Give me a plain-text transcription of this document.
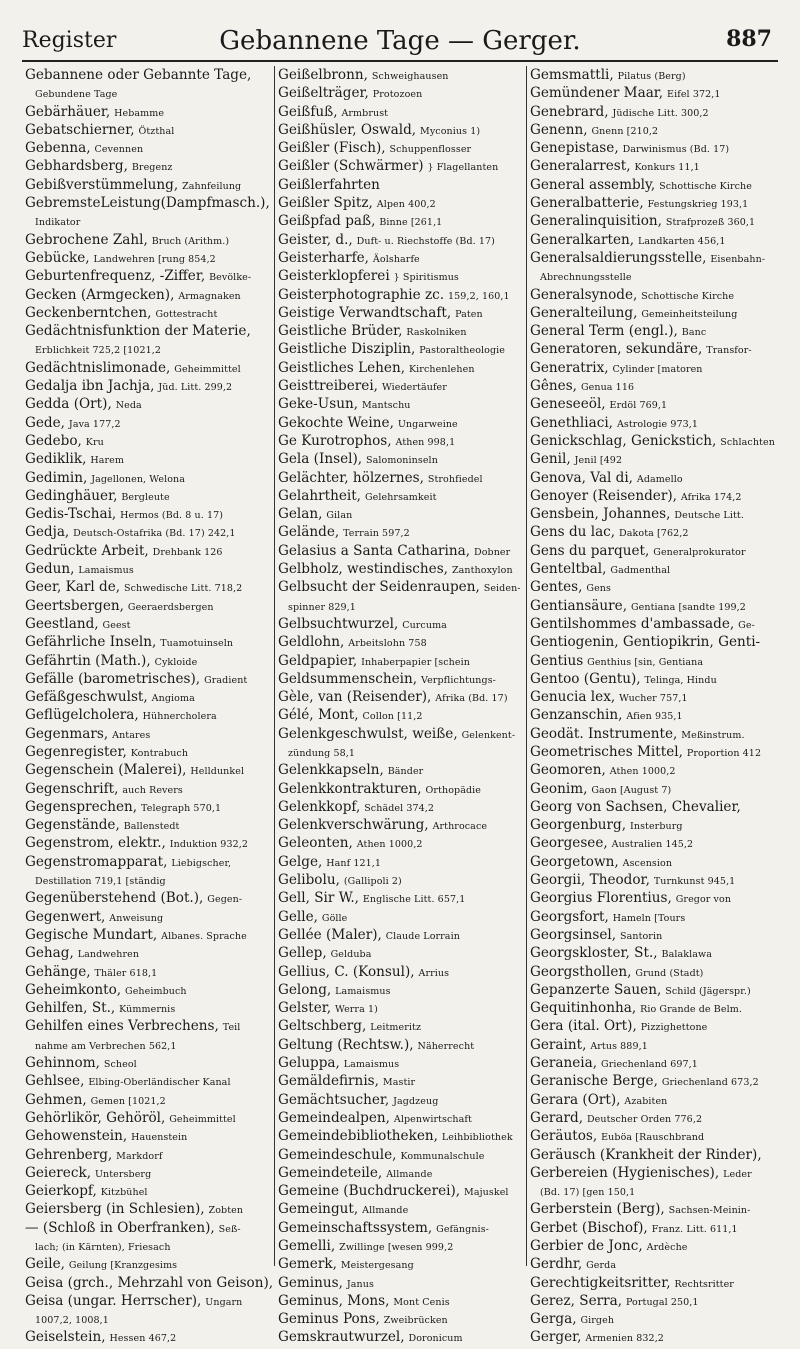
Register	Gebannene Tage — Gerger.	887
Gebannene oder Gebannte Tage,
Gebundene Tage
Gebärhäuer, Hebamme
Gebatschierner, Ötzthal
Gebenna, Cevennen
Gebhardsberg, Bregenz
Gebißverstümmelung, Zahnfeilung
GebremsteLeistung(Dampfmasch.),
Indikator
Gebrochene Zahl, Bruch (Arithm.)
Gebücke, Landwehren [rung 854,2
Geburtenfrequenz, -Ziffer, Bevölke-
Gecken (Armgecken), Armagnaken
Geckenberntchen, Gottestracht
Gedächtnisfunktion der Materie,
Erblichkeit 725,2 [1021,2
Gedächtnislimonade, Geheimmittel
Gedalja ibn Jachja, Jüd. Litt. 299,2
Gedda (Ort), Neda
Gede, Java 177,2
Gedebo, Kru
Gediklik, Harem
Gedimin, Jagellonen, Welona
Gedinghäuer, Bergleute
Gedis-Tschai, Hermos (Bd. 8 u. 17)
Gedja, Deutsch-Ostafrika (Bd. 17) 242,1
Gedrückte Arbeit, Drehbank 126
Gedun, Lamaismus
Geer, Karl de, Schwedische Litt. 718,2
Geertsbergen, Geeraerdsbergen
Geestland, Geest
Gefährliche Inseln, Tuamotuinseln
Gefährtin (Math.), Cykloide
Gefälle (barometrisches), Gradient
Gefäßgeschwulst, Angioma
Geflügelcholera, Hühnercholera
Gegenmars, Antares
Gegenregister, Kontrabuch
Gegenschein (Malerei), Helldunkel
Gegenschrift, auch Revers
Gegensprechen, Telegraph 570,1
Gegenstände, Ballenstedt
Gegenstrom, elektr., Induktion 932,2
Gegenstromapparat, Liebigscher,
Destillation 719,1 [ständig
Gegenüberstehend (Bot.), Gegen-
Gegenwert, Anweisung
Gegische Mundart, Albanes. Sprache
Gehag, Landwehren
Gehänge, Thäler 618,1
Geheimkonto, Geheimbuch
Gehilfen, St., Kümmernis
Gehilfen eines Verbrechens, Teil
nahme am Verbrechen 562,1
Gehinnom, Scheol
Gehlsee, Elbing-Oberländischer Kanal
Gehmen, Gemen [1021,2
Gehörlikör, Gehöröl, Geheimmittel
Gehowenstein, Hauenstein
Gehrenberg, Markdorf
Geiereck, Untersberg
Geierkopf, Kitzbühel
Geiersberg (in Schlesien), Zobten
— (Schloß in Oberfranken), Seß-
lach; (in Kärnten), Friesach
Geile, Geilung [Kranzgesims
Geisa (grch., Mehrzahl von Geison),
Geisa (ungar. Herrscher), Ungarn
1007,2, 1008,1
Geiselstein, Hessen 467,2
Geißelbronn, Schweighausen
Geißelträger, Protozoen
Geißfuß, Armbrust
Geißhüsler, Oswald, Myconius 1)
Geißler (Fisch), Schuppenflosser
Geißler (Schwärmer) } Flagellanten
Geißlerfahrten
Geißler Spitz, Alpen 400,2
Geißpfad paß, Binne [261,1
Geister, d., Duft- u. Riechstoffe (Bd. 17)
Geisterharfe, Äolsharfe
Geisterklopferei } Spiritismus
Geisterphotographie zc. 159,2, 160,1
Geistige Verwandtschaft, Paten
Geistliche Brüder, Raskolniken
Geistliche Disziplin, Pastoraltheologie
Geistliches Lehen, Kirchenlehen
Geisttreiberei, Wiedertäufer
Geke-Usun, Mantschu
Gekochte Weine, Ungarweine
Ge Kurotrophos, Athen 998,1
Gela (Insel), Salomoninseln
Gelächter, hölzernes, Strohfiedel
Gelahrtheit, Gelehrsamkeit
Gelan, Gilan
Gelände, Terrain 597,2
Gelasius a Santa Catharina, Dobner
Gelbholz, westindisches, Zanthoxylon
Gelbsucht der Seidenraupen, Seiden-
spinner 829,1
Gelbsuchtwurzel, Curcuma
Geldlohn, Arbeitslohn 758
Geldpapier, Inhaberpapier [schein
Geldsummenschein, Verpflichtungs-
Gèle, van (Reisender), Afrika (Bd. 17)
Gélé, Mont, Collon [11,2
Gelenkgeschwulst, weiße, Gelenkent-
zündung 58,1
Gelenkkapseln, Bänder
Gelenkkontrakturen, Orthopädie
Gelenkkopf, Schädel 374,2
Gelenkverschwärung, Arthrocace
Geleonten, Athen 1000,2
Gelge, Hanf 121,1
Gelibolu, (Gallipoli 2)
Gell, Sir W., Englische Litt. 657,1
Gelle, Gölle
Gellée (Maler), Claude Lorrain
Gellep, Gelduba
Gellius, C. (Konsul), Arrius
Gelong, Lamaismus
Gelster, Werra 1)
Geltschberg, Leitmeritz
Geltung (Rechtsw.), Näherrecht
Geluppa, Lamaismus
Gemäldefirnis, Mastir
Gemächtsucher, Jagdzeug
Gemeindealpen, Alpenwirtschaft
Gemeindebibliotheken, Leihbibliothek
Gemeindeschule, Kommunalschule
Gemeindeteile, Allmande
Gemeine (Buchdruckerei), Majuskel
Gemeingut, Allmande
Gemeinschaftssystem, Gefängnis-
Gemelli, Zwillinge [wesen 999,2
Gemerk, Meistergesang
Geminus, Janus
Geminus, Mons, Mont Cenis
Geminus Pons, Zweibrücken
Gemskrautwurzel, Doronicum
Gemsmattli, Pilatus (Berg)
Gemündener Maar, Eifel 372,1
Genebrard, Jüdische Litt. 300,2
Genenn, Gnenn [210,2
Genepistase, Darwinismus (Bd. 17)
Generalarrest, Konkurs 11,1
General assembly, Schottische Kirche
Generalbatterie, Festungskrieg 193,1
Generalinquisition, Strafprozeß 360,1
Generalkarten, Landkarten 456,1
Generalsaldierungsstelle, Eisenbahn-
Abrechnungsstelle
Generalsynode, Schottische Kirche
Generalteilung, Gemeinheitsteilung
General Term (engl.), Banc
Generatoren, sekundäre, Transfor-
Generatrix, Cylinder [matoren
Gênes, Genua 116
Geneseeöl, Erdöl 769,1
Genethliaci, Astrologie 973,1
Genickschlag, Genickstich, Schlachten
Genil, Jenil [492
Genova, Val di, Adamello
Genoyer (Reisender), Afrika 174,2
Gensbein, Johannes, Deutsche Litt.
Gens du lac, Dakota [762,2
Gens du parquet, Generalprokurator
Genteltbal, Gadmenthal
Gentes, Gens
Gentiansäure, Gentiana [sandte 199,2
Gentilshommes d'ambassade, Ge-
Gentiogenin, Gentiopikrin, Genti-
Gentius Genthius [sin, Gentiana
Gentoo (Gentu), Telinga, Hindu
Genucia lex, Wucher 757,1
Genzanschin, Afien 935,1
Geodät. Instrumente, Meßinstrum.
Geometrisches Mittel, Proportion 412
Geomoren, Athen 1000,2
Geonim, Gaon [August 7)
Georg von Sachsen, Chevalier,
Georgenburg, Insterburg
Georgesee, Australien 145,2
Georgetown, Ascension
Georgii, Theodor, Turnkunst 945,1
Georgius Florentius, Gregor von
Georgsfort, Hameln [Tours
Georgsinsel, Santorin
Georgskloster, St., Balaklawa
Georgsthollen, Grund (Stadt)
Gepanzerte Sauen, Schild (Jägerspr.)
Gequitinhonha, Rio Grande de Belm.
Gera (ital. Ort), Pizzighettone
Geraint, Artus 889,1
Geraneia, Griechenland 697,1
Geranische Berge, Griechenland 673,2
Gerara (Ort), Azabiten
Gerard, Deutscher Orden 776,2
Geräutos, Euböa [Rauschbrand
Geräusch (Krankheit der Rinder),
Gerbereien (Hygienisches), Leder
(Bd. 17) [gen 150,1
Gerberstein (Berg), Sachsen-Meinin-
Gerbet (Bischof), Franz. Litt. 611,1
Gerbier de Jonc, Ardèche
Gerdhr, Gerda
Gerechtigkeitsritter, Rechtsritter
Gerez, Serra, Portugal 250,1
Gerga, Girgeh
Gerger, Armenien 832,2
